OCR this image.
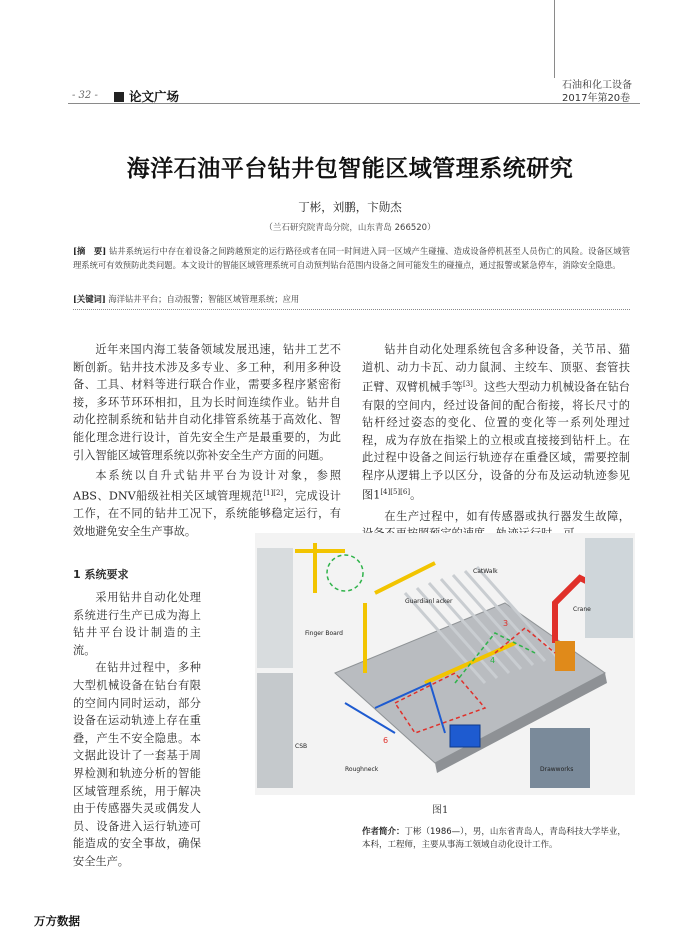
- 32 -	论文广场
石油和化工设备
2017年第20卷
海洋石油平台钻井包智能区域管理系统研究
丁彬，刘鹏，卞勋杰
（兰石研究院青岛分院，山东青岛 266520）
[摘　要] 钻井系统运行中存在着设备之间跨越预定的运行路径或者在同一时间进入同一区域产生碰撞、造成设备停机甚至人员伤亡的风险。设备区域管理系统可有效预防此类问题。本文设计的智能区域管理系统可自动预判钻台范围内设备之间可能发生的碰撞点，通过报警或紧急停车，消除安全隐患。
[关键词] 海洋钻井平台；自动报警；智能区域管理系统；应用

近年来国内海工装备领域发展迅速，钻井工艺不断创新。钻井技术涉及多专业、多工种，利用多种设备、工具、材料等进行联合作业，需要多程序紧密衔接，多环节环环相扣，且为长时间连续作业。钻井自动化控制系统和钻井自动化排管系统基于高效化、智能化理念进行设计，首先安全生产是最重要的，为此引入智能区域管理系统以弥补安全生产方面的问题。

本系统以自升式钻井平台为设计对象，参照ABS、DNV船级社相关区域管理规范[1][2]，完成设计工作，在不同的钻井工况下，系统能够稳定运行，有效地避免安全生产事故。

1 系统要求

采用钻井自动化处理系统进行生产已成为海上钻井平台设计制造的主流。

在钻井过程中，多种大型机械设备在钻台有限的空间内同时运动，部分设备在运动轨迹上存在重叠，产生不安全隐患。本文据此设计了一套基于周界检测和轨迹分析的智能区域管理系统，用于解决由于传感器失灵或偶发人员、设备进入运行轨迹可能造成的安全事故，确保安全生产。

钻井自动化处理系统包含多种设备，关节吊、猫道机、动力卡瓦、动力鼠洞、主绞车、顶驱、套管扶正臂、双臂机械手等[3]。这些大型动力机械设备在钻台有限的空间内，经过设备间的配合衔接，将长尺寸的钻杆经过姿态的变化、位置的变化等一系列处理过程，成为存放在指梁上的立根或直接接到钻杆上。在此过程中设备之间运行轨迹存在重叠区域，需要控制程序从逻辑上予以区分，设备的分布及运动轨迹参见图1[4][5][6]。

在生产过程中，如有传感器或执行器发生故障，

CatWalk
Guardianl acker
Crane
Finger Board
CSB
Drawworks
Roughneck
3
4
6
图1
作者简介：丁彬（1986—），男，山东省青岛人，青岛科技大学毕业，本科，工程师，主要从事海工领域自动化设计工作。
万方数据
